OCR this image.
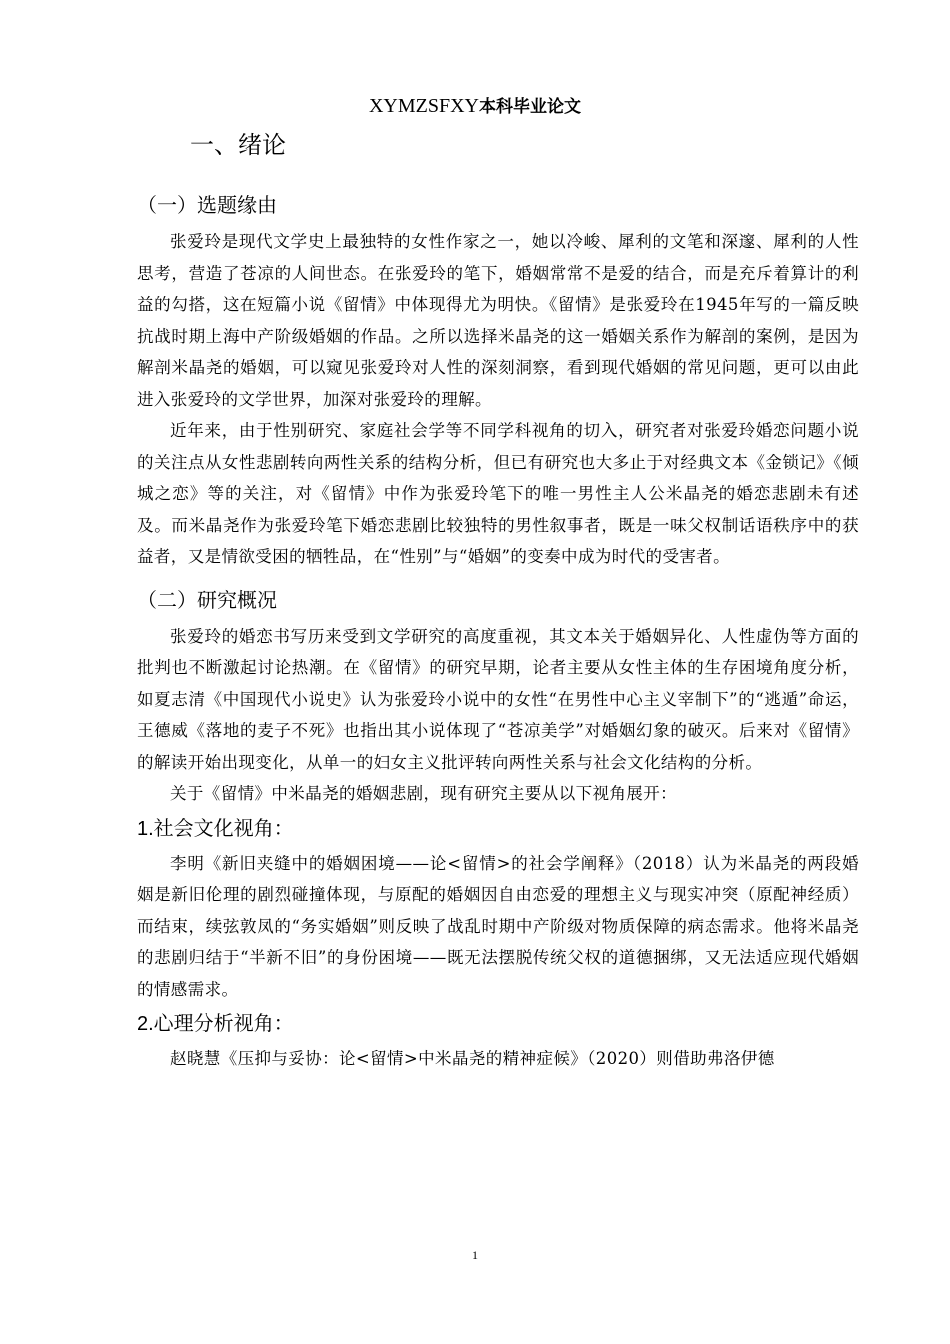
XYMZSFXY本科毕业论文
一、绪论
（一）选题缘由

张爱玲是现代文学史上最独特的女性作家之一，她以冷峻、犀利的文笔和深邃、犀利的人性思考，营造了苍凉的人间世态。在张爱玲的笔下，婚姻常常不是爱的结合，而是充斥着算计的利益的勾搭，这在短篇小说《留情》中体现得尤为明快。《留情》是张爱玲在1945年写的一篇反映抗战时期上海中产阶级婚姻的作品。之所以选择米晶尧的这一婚姻关系作为解剖的案例，是因为解剖米晶尧的婚姻，可以窥见张爱玲对人性的深刻洞察，看到现代婚姻的常见问题，更可以由此进入张爱玲的文学世界，加深对张爱玲的理解。

近年来，由于性别研究、家庭社会学等不同学科视角的切入，研究者对张爱玲婚恋问题小说的关注点从女性悲剧转向两性关系的结构分析，但已有研究也大多止于对经典文本《金锁记》《倾城之恋》等的关注，对《留情》中作为张爱玲笔下的唯一男性主人公米晶尧的婚恋悲剧未有述及。而米晶尧作为张爱玲笔下婚恋悲剧比较独特的男性叙事者，既是一味父权制话语秩序中的获益者，又是情欲受困的牺牲品，在“性别”与“婚姻”的变奏中成为时代的受害者。

（二）研究概况

张爱玲的婚恋书写历来受到文学研究的高度重视，其文本关于婚姻异化、人性虚伪等方面的批判也不断激起讨论热潮。在《留情》的研究早期，论者主要从女性主体的生存困境角度分析，如夏志清《中国现代小说史》认为张爱玲小说中的女性“在男性中心主义宰制下”的“逃遁”命运，王德威《落地的麦子不死》也指出其小说体现了“苍凉美学”对婚姻幻象的破灭。后来对《留情》的解读开始出现变化，从单一的妇女主义批评转向两性关系与社会文化结构的分析。

关于《留情》中米晶尧的婚姻悲剧，现有研究主要从以下视角展开：

1.社会文化视角：

李明《新旧夹缝中的婚姻困境——论<留情>的社会学阐释》（2018）认为米晶尧的两段婚姻是新旧伦理的剧烈碰撞体现，与原配的婚姻因自由恋爱的理想主义与现实冲突（原配神经质）而结束，续弦敦凤的“务实婚姻”则反映了战乱时期中产阶级对物质保障的病态需求。他将米晶尧的悲剧归结于“半新不旧”的身份困境——既无法摆脱传统父权的道德捆绑，又无法适应现代婚姻的情感需求。

2.心理分析视角：

赵晓慧《压抑与妥协：论<留情>中米晶尧的精神症候》（2020）则借助弗洛伊德

1
